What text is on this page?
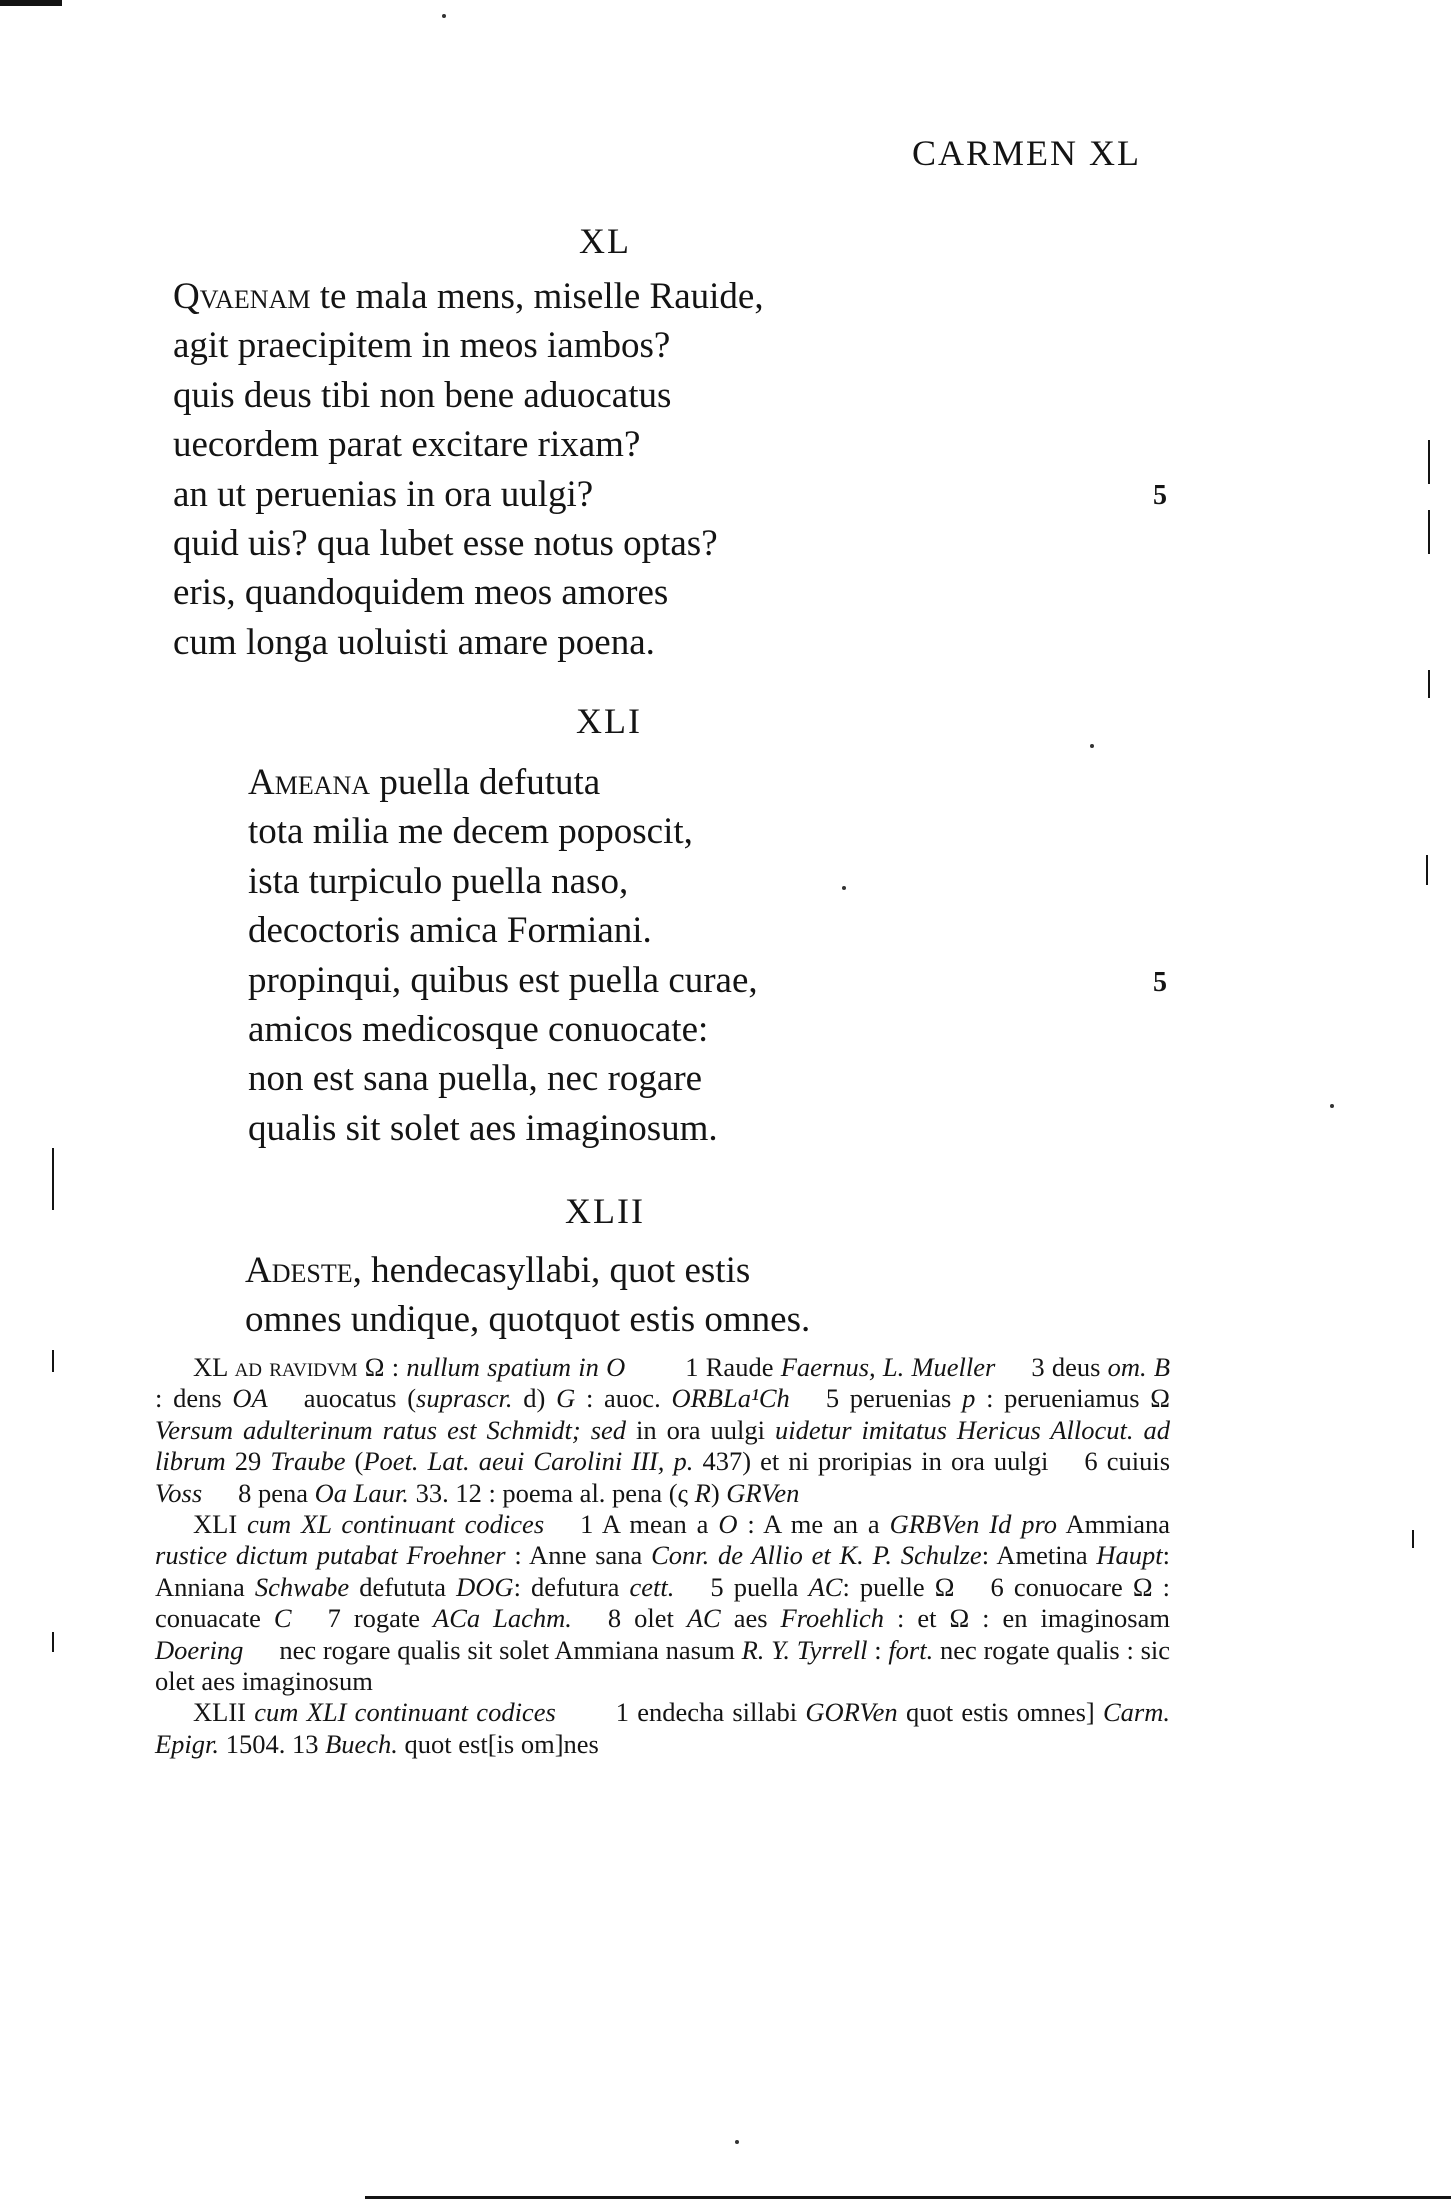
CARMEN XL
XL
Qvaenam te mala mens, miselle Rauide,
agit praecipitem in meos iambos?
quis deus tibi non bene aduocatus
uecordem parat excitare rixam?
an ut peruenias in ora uulgi?
quid uis? qua lubet esse notus optas?
eris, quandoquidem meos amores
cum longa uoluisti amare poena.
5
XLI
Ameana puella defututa
tota milia me decem poposcit,
ista turpiculo puella naso,
decoctoris amica Formiani.
propinqui, quibus est puella curae,
amicos medicosque conuocate:
non est sana puella, nec rogare
qualis sit solet aes imaginosum.
5
XLII
Adeste, hendecasyllabi, quot estis
omnes undique, quotquot estis omnes.

XL ad ravidvm Ω : nullum spatium in O 1 Raude Faernus, L. Mueller 3 deus om. B : dens OA auocatus (suprascr. d) G : auoc. ORBLa¹Ch 5 peruenias p : perueniamus Ω Versum adulterinum ratus est Schmidt; sed in ora uulgi uidetur imitatus Hericus Allocut. ad librum 29 Traube (Poet. Lat. aeui Carolini III, p. 437) et ni proripias in ora uulgi 6 cuiuis Voss 8 pena Oa Laur. 33. 12 : poema al. pena (ς R) GRVen

XLI cum XL continuant codices 1 A mean a O : A me an a GRBVen Id pro Ammiana rustice dictum putabat Froehner : Anne sana Conr. de Allio et K. P. Schulze: Ametina Haupt: Anniana Schwabe defututa DOG: defutura cett. 5 puella AC: puelle Ω 6 conuocare Ω : conuacate C 7 rogate ACa Lachm. 8 olet AC aes Froehlich : et Ω : en imaginosam Doering nec rogare qualis sit solet Ammiana nasum R. Y. Tyrrell : fort. nec rogate qualis : sic olet aes imaginosum

XLII cum XLI continuant codices 1 endecha sillabi GORVen quot estis omnes] Carm. Epigr. 1504. 13 Buech. quot est[is om]nes
